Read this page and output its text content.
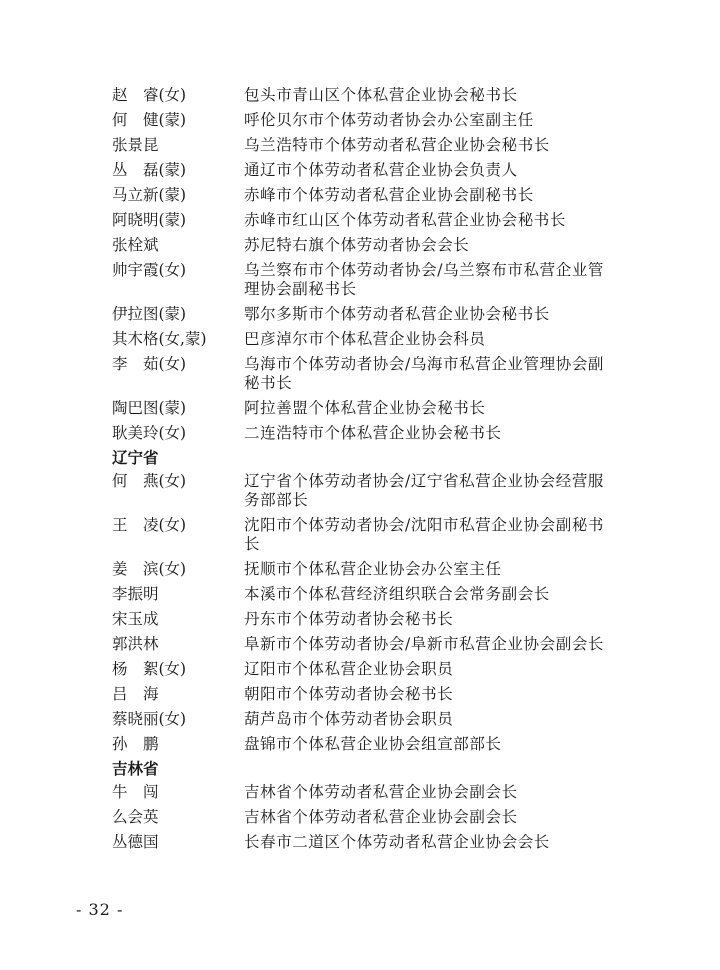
赵　睿(女)	包头市青山区个体私营企业协会秘书长
何　健(蒙)	呼伦贝尔市个体劳动者协会办公室副主任
张景昆	乌兰浩特市个体劳动者私营企业协会秘书长
丛　磊(蒙)	通辽市个体劳动者私营企业协会负责人
马立新(蒙)	赤峰市个体劳动者私营企业协会副秘书长
阿晓明(蒙)	赤峰市红山区个体劳动者私营企业协会秘书长
张栓斌	苏尼特右旗个体劳动者协会会长
帅宇霞(女)	乌兰察布市个体劳动者协会/乌兰察布市私营企业管理协会副秘书长
伊拉图(蒙)	鄂尔多斯市个体劳动者私营企业协会秘书长
其木格(女,蒙)	巴彦淖尔市个体私营企业协会科员
李　茹(女)	乌海市个体劳动者协会/乌海市私营企业管理协会副秘书长
陶巴图(蒙)	阿拉善盟个体私营企业协会秘书长
耿美玲(女)	二连浩特市个体私营企业协会秘书长
辽宁省
何　燕(女)	辽宁省个体劳动者协会/辽宁省私营企业协会经营服务部部长
王　凌(女)	沈阳市个体劳动者协会/沈阳市私营企业协会副秘书长
姜　滨(女)	抚顺市个体私营企业协会办公室主任
李振明	本溪市个体私营经济组织联合会常务副会长
宋玉成	丹东市个体劳动者协会秘书长
郭洪林	阜新市个体劳动者协会/阜新市私营企业协会副会长
杨　絮(女)	辽阳市个体私营企业协会职员
吕　海	朝阳市个体劳动者协会秘书长
蔡晓丽(女)	葫芦岛市个体劳动者协会职员
孙　鹏	盘锦市个体私营企业协会组宣部部长
吉林省
牛　闯	吉林省个体劳动者私营企业协会副会长
么会英	吉林省个体劳动者私营企业协会副会长
丛德国	长春市二道区个体劳动者私营企业协会会长
- 32 -
